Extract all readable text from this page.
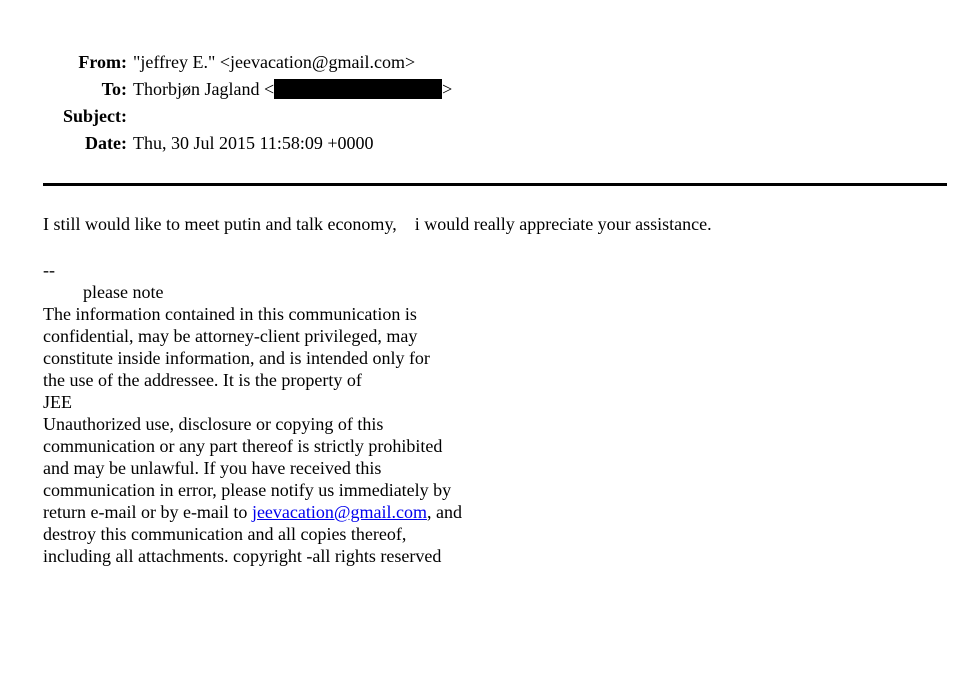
From: "jeffrey E." <jeevacation@gmail.com>
To: Thorbjøn Jagland <	>
Subject:
Date: Thu, 30 Jul 2015 11:58:09 +0000
I still would like to meet putin and talk economy,    i would really appreciate your assistance.
--
please note
The information contained in this communication is
confidential, may be attorney-client privileged, may
constitute inside information, and is intended only for
the use of the addressee. It is the property of
JEE
Unauthorized use, disclosure or copying of this
communication or any part thereof is strictly prohibited
and may be unlawful. If you have received this
communication in error, please notify us immediately by
return e-mail or by e-mail to jeevacation@gmail.com, and
destroy this communication and all copies thereof,
including all attachments. copyright -all rights reserved
